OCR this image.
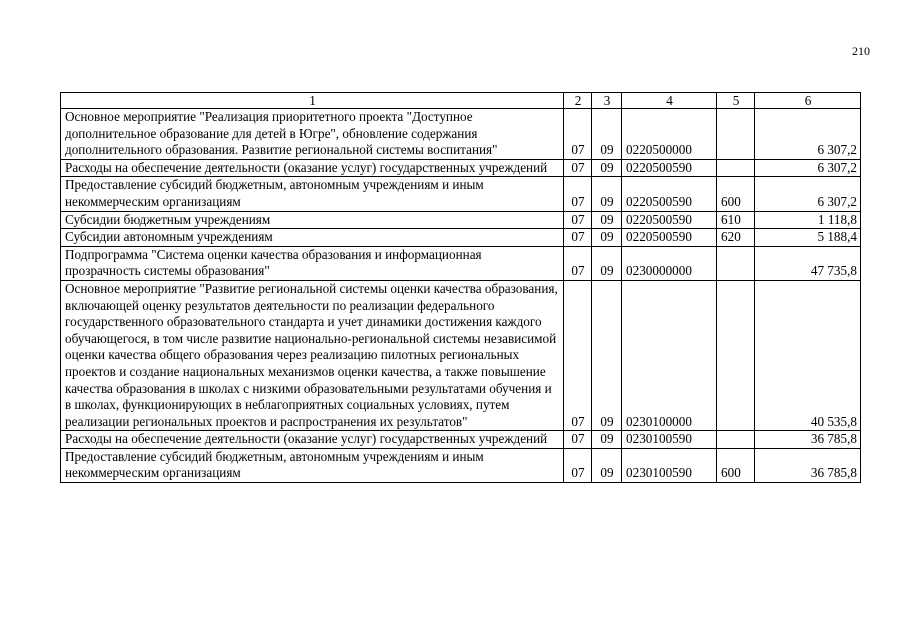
210
1	2	3	4	5	6
Основное мероприятие "Реализация приоритетного проекта "Доступное дополнительное образование для детей в Югре", обновление содержания дополнительного образования. Развитие региональной системы воспитания"	07	09	0220500000		6 307,2
Расходы на обеспечение деятельности (оказание услуг) государственных учреждений	07	09	0220500590		6 307,2
Предоставление субсидий бюджетным, автономным учреждениям и иным некоммерческим организациям	07	09	0220500590	600	6 307,2
Субсидии бюджетным учреждениям	07	09	0220500590	610	1 118,8
Субсидии автономным учреждениям	07	09	0220500590	620	5 188,4
Подпрограмма "Система оценки качества образования и информационная прозрачность системы образования"	07	09	0230000000		47 735,8
Основное мероприятие "Развитие региональной системы оценки качества образования, включающей оценку результатов деятельности по реализации федерального государственного образовательного стандарта и учет динамики достижения каждого обучающегося, в том числе развитие национально-региональной системы независимой оценки качества общего образования через реализацию пилотных региональных проектов и создание национальных механизмов оценки качества, а также повышение качества образования в школах с низкими образовательными результатами обучения и в школах, функционирующих в неблагоприятных социальных условиях, путем реализации региональных проектов и распространения их результатов"	07	09	0230100000		40 535,8
Расходы на обеспечение деятельности (оказание услуг) государственных учреждений	07	09	0230100590		36 785,8
Предоставление субсидий бюджетным, автономным учреждениям и иным некоммерческим организациям	07	09	0230100590	600	36 785,8
